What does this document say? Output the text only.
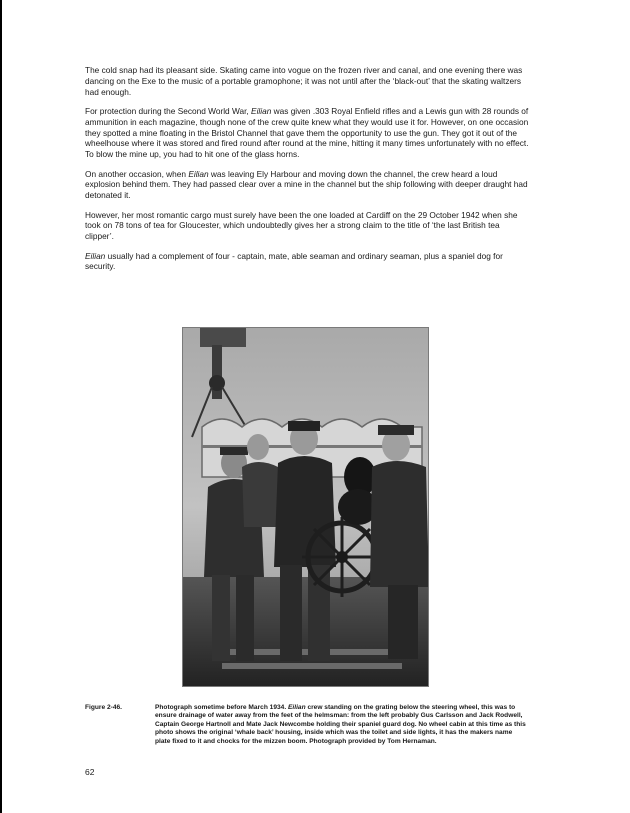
The cold snap had its pleasant side. Skating came into vogue on the frozen river and canal, and one evening there was dancing on the Exe to the music of a portable gramophone; it was not until after the ‘black-out’ that the skating waltzers had enough.

For protection during the Second World War, Eilian was given .303 Royal Enfield rifles and a Lewis gun with 28 rounds of ammunition in each magazine, though none of the crew quite knew what they would use it for. However, on one occasion they spotted a mine floating in the Bristol Channel that gave them the opportunity to use the gun. They got it out of the wheelhouse where it was stored and fired round after round at the mine, hitting it many times unfortunately with no effect. To blow the mine up, you had to hit one of the glass horns.

On another occasion, when Eilian was leaving Ely Harbour and moving down the channel, the crew heard a loud explosion behind them. They had passed clear over a mine in the channel but the ship following with deeper draught had detonated it.

However, her most romantic cargo must surely have been the one loaded at Cardiff on the 29 October 1942 when she took on 78 tons of tea for Gloucester, which undoubtedly gives her a strong claim to the title of ‘the last British tea clipper’.

Eilian usually had a complement of four - captain, mate, able seaman and ordinary seaman, plus a spaniel dog for security.

Figure 2-46.	Photograph sometime before March 1934. Eilian crew standing on the grating below the steering wheel, this was to ensure drainage of water away from the feet of the helmsman: from the left probably Gus Carlsson and Jack Rodwell, Captain George Hartnoll and Mate Jack Newcombe holding their spaniel guard dog. No wheel cabin at this time as this photo shows the original ‘whale back’ housing, inside which was the toilet and side lights, it has the makers name plate fixed to it and chocks for the mizzen boom. Photograph provided by Tom Hernaman.
62
